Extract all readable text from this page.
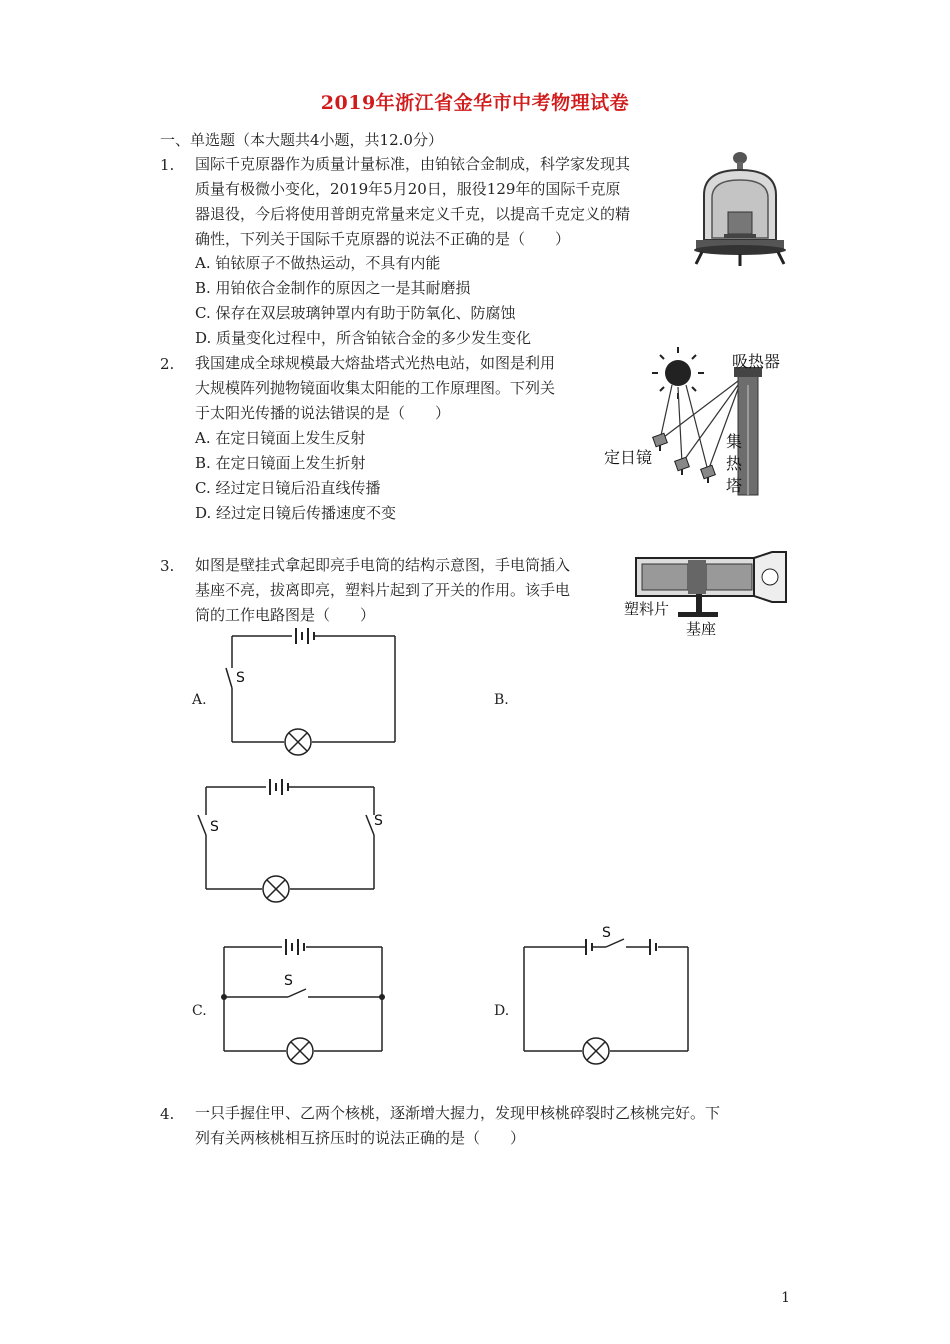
2019年浙江省金华市中考物理试卷
一、单选题（本大题共4小题，共12.0分）
1. 国际千克原器作为质量计量标准，由铂铱合金制成，科学家发现其
质量有极微小变化，2019年5月20日，服役129年的国际千克原
器退役，今后将使用普朗克常量来定义千克，以提高千克定义的精
确性，下列关于国际千克原器的说法不正确的是（　　）
A. 铂铱原子不做热运动，不具有内能
B. 用铂依合金制作的原因之一是其耐磨损
C. 保存在双层玻璃钟罩内有助于防氧化、防腐蚀
D. 质量变化过程中，所含铂铱合金的多少发生变化
2. 我国建成全球规模最大熔盐塔式光热电站，如图是利用
大规模阵列抛物镜面收集太阳能的工作原理图。下列关
于太阳光传播的说法错误的是（　　）
A. 在定日镜面上发生反射
B. 在定日镜面上发生折射
C. 经过定日镜后沿直线传播
D. 经过定日镜后传播速度不变
吸热器
定日镜
集
热
塔
3. 如图是壁挂式拿起即亮手电筒的结构示意图，手电筒插入
基座不亮，拔离即亮，塑料片起到了开关的作用。该手电
筒的工作电路图是（　　）	塑料片
基座
A.
S
B.
S	S
C.
S
D.
S
4. 一只手握住甲、乙两个核桃，逐渐增大握力，发现甲核桃碎裂时乙核桃完好。下
列有关两核桃相互挤压时的说法正确的是（　　）
1
